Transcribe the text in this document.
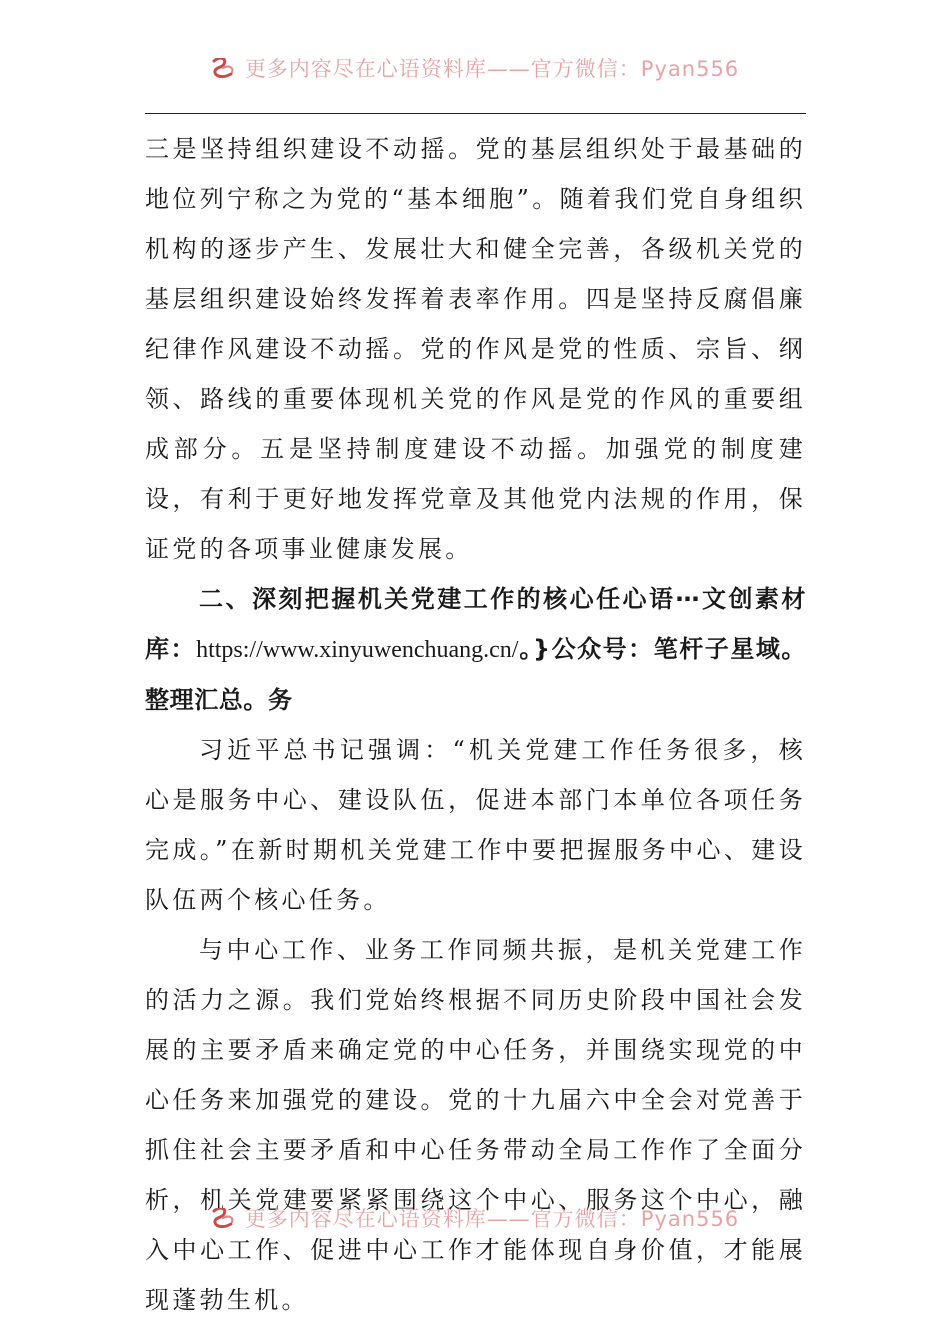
更多内容尽在心语资料库——官方微信：Pyan556

三是坚持组织建设不动摇。党的基层组织处于最基础的地位列宁称之为党的“基本细胞”。随着我们党自身组织机构的逐步产生、发展壮大和健全完善，各级机关党的基层组织建设始终发挥着表率作用。四是坚持反腐倡廉纪律作风建设不动摇。党的作风是党的性质、宗旨、纲领、路线的重要体现机关党的作风是党的作风的重要组成部分。五是坚持制度建设不动摇。加强党的制度建设，有利于更好地发挥党章及其他党内法规的作用，保证党的各项事业健康发展。

二、深刻把握机关党建工作的核心任心语⋯文创素材库：https://www.xinyuwenchuang.cn/。}公众号：笔杆子星域。整理汇总。务

习近平总书记强调：“机关党建工作任务很多，核心是服务中心、建设队伍，促进本部门本单位各项任务完成。”在新时期机关党建工作中要把握服务中心、建设队伍两个核心任务。

与中心工作、业务工作同频共振，是机关党建工作的活力之源。我们党始终根据不同历史阶段中国社会发展的主要矛盾来确定党的中心任务，并围绕实现党的中心任务来加强党的建设。党的十九届六中全会对党善于抓住社会主要矛盾和中心任务带动全局工作作了全面分析，机关党建要紧紧围绕这个中心、服务这个中心，融入中心工作、促进中心工作才能体现自身价值，才能展现蓬勃生机。

更多内容尽在心语资料库——官方微信：Pyan556
